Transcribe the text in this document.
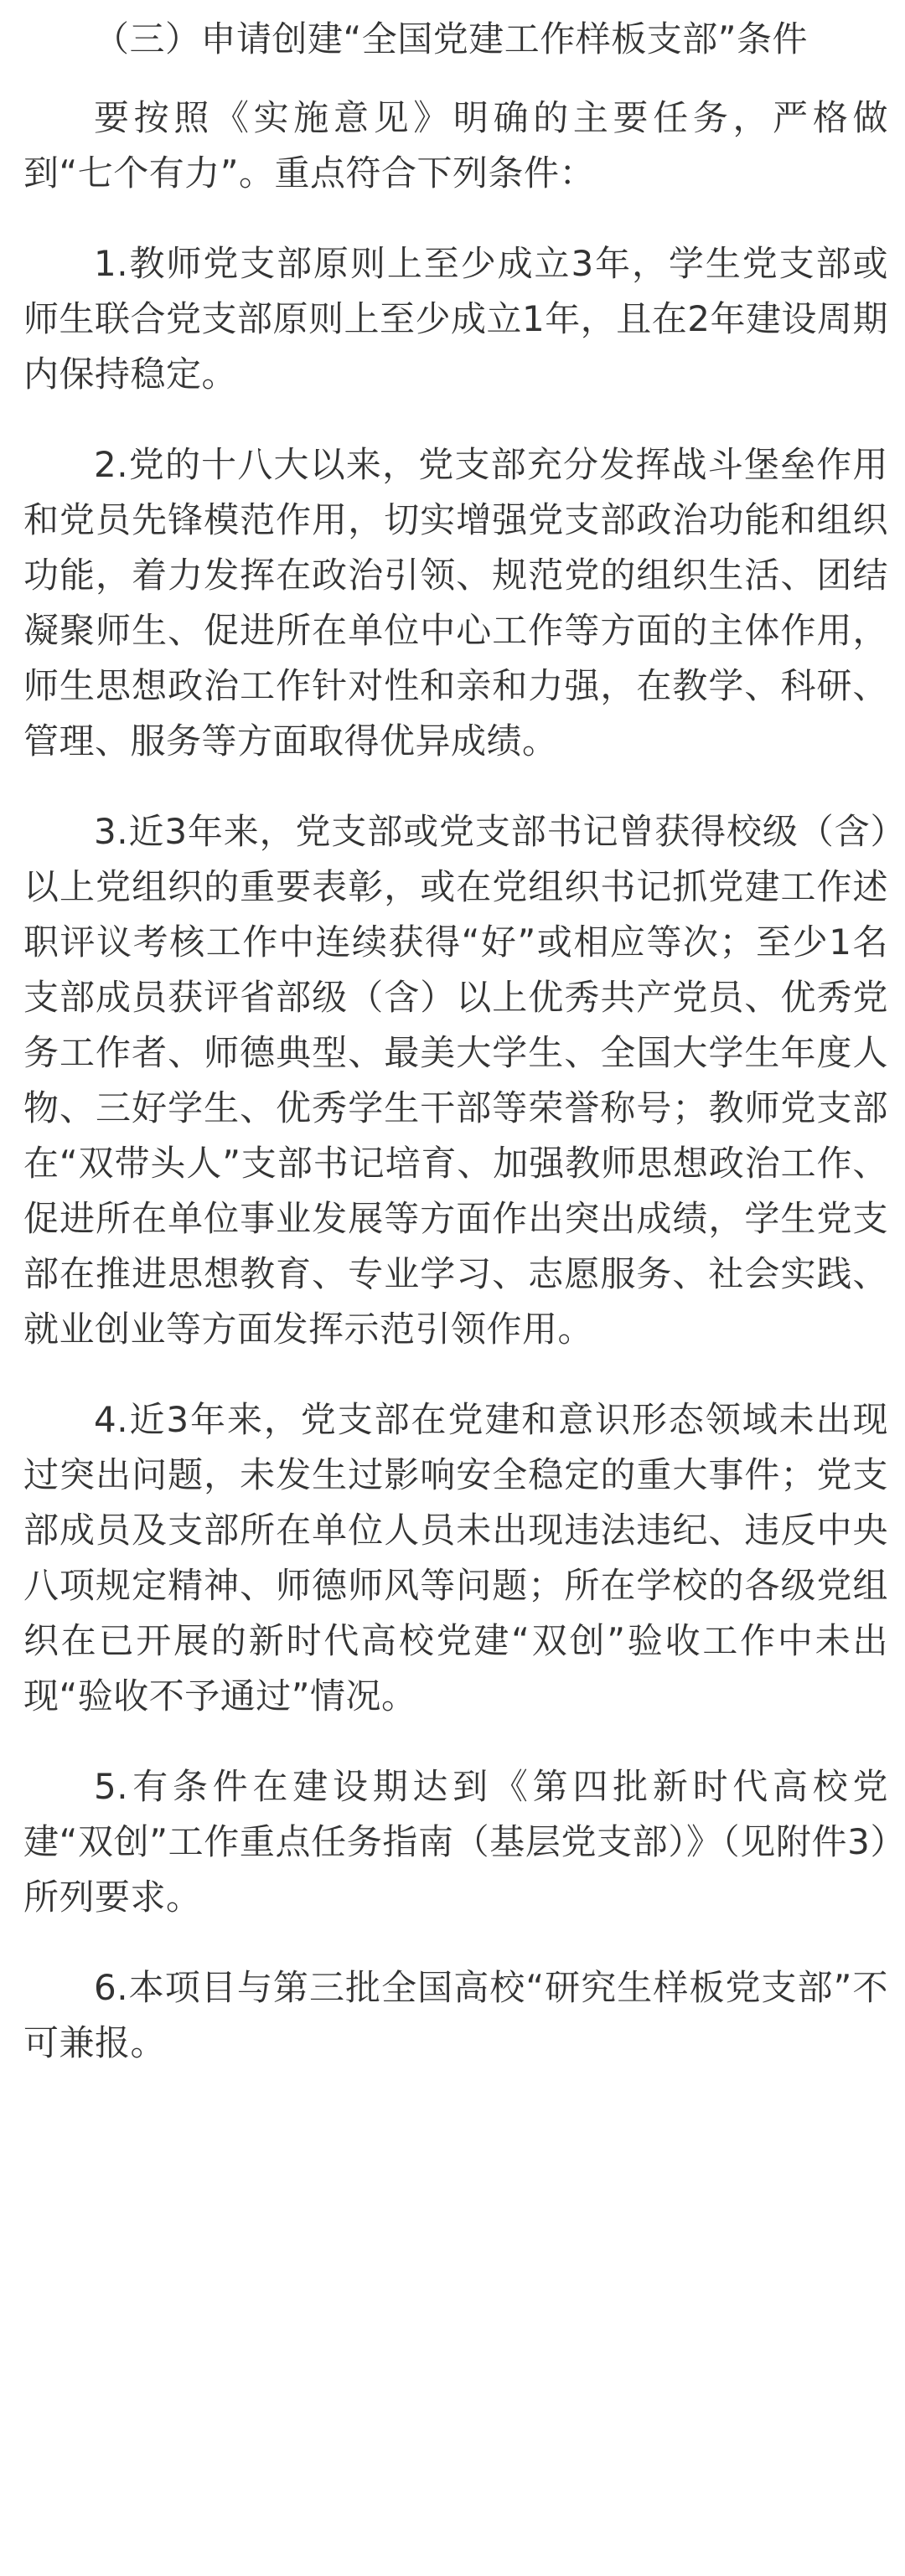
（三）申请创建“全国党建工作样板支部”条件

要按照《实施意见》明确的主要任务，严格做到“七个有力”。重点符合下列条件：

1.教师党支部原则上至少成立3年，学生党支部或师生联合党支部原则上至少成立1年，且在2年建设周期内保持稳定。

2.党的十八大以来，党支部充分发挥战斗堡垒作用和党员先锋模范作用，切实增强党支部政治功能和组织功能，着力发挥在政治引领、规范党的组织生活、团结凝聚师生、促进所在单位中心工作等方面的主体作用，师生思想政治工作针对性和亲和力强，在教学、科研、管理、服务等方面取得优异成绩。

3.近3年来，党支部或党支部书记曾获得校级（含）以上党组织的重要表彰，或在党组织书记抓党建工作述职评议考核工作中连续获得“好”或相应等次；至少1名支部成员获评省部级（含）以上优秀共产党员、优秀党务工作者、师德典型、最美大学生、全国大学生年度人物、三好学生、优秀学生干部等荣誉称号；教师党支部在“双带头人”支部书记培育、加强教师思想政治工作、促进所在单位事业发展等方面作出突出成绩，学生党支部在推进思想教育、专业学习、志愿服务、社会实践、就业创业等方面发挥示范引领作用。

4.近3年来，党支部在党建和意识形态领域未出现过突出问题，未发生过影响安全稳定的重大事件；党支部成员及支部所在单位人员未出现违法违纪、违反中央八项规定精神、师德师风等问题；所在学校的各级党组织在已开展的新时代高校党建“双创”验收工作中未出现“验收不予通过”情况。

5.有条件在建设期达到《第四批新时代高校党建“双创”工作重点任务指南（基层党支部）》（见附件3）所列要求。

6.本项目与第三批全国高校“研究生样板党支部”不可兼报。
